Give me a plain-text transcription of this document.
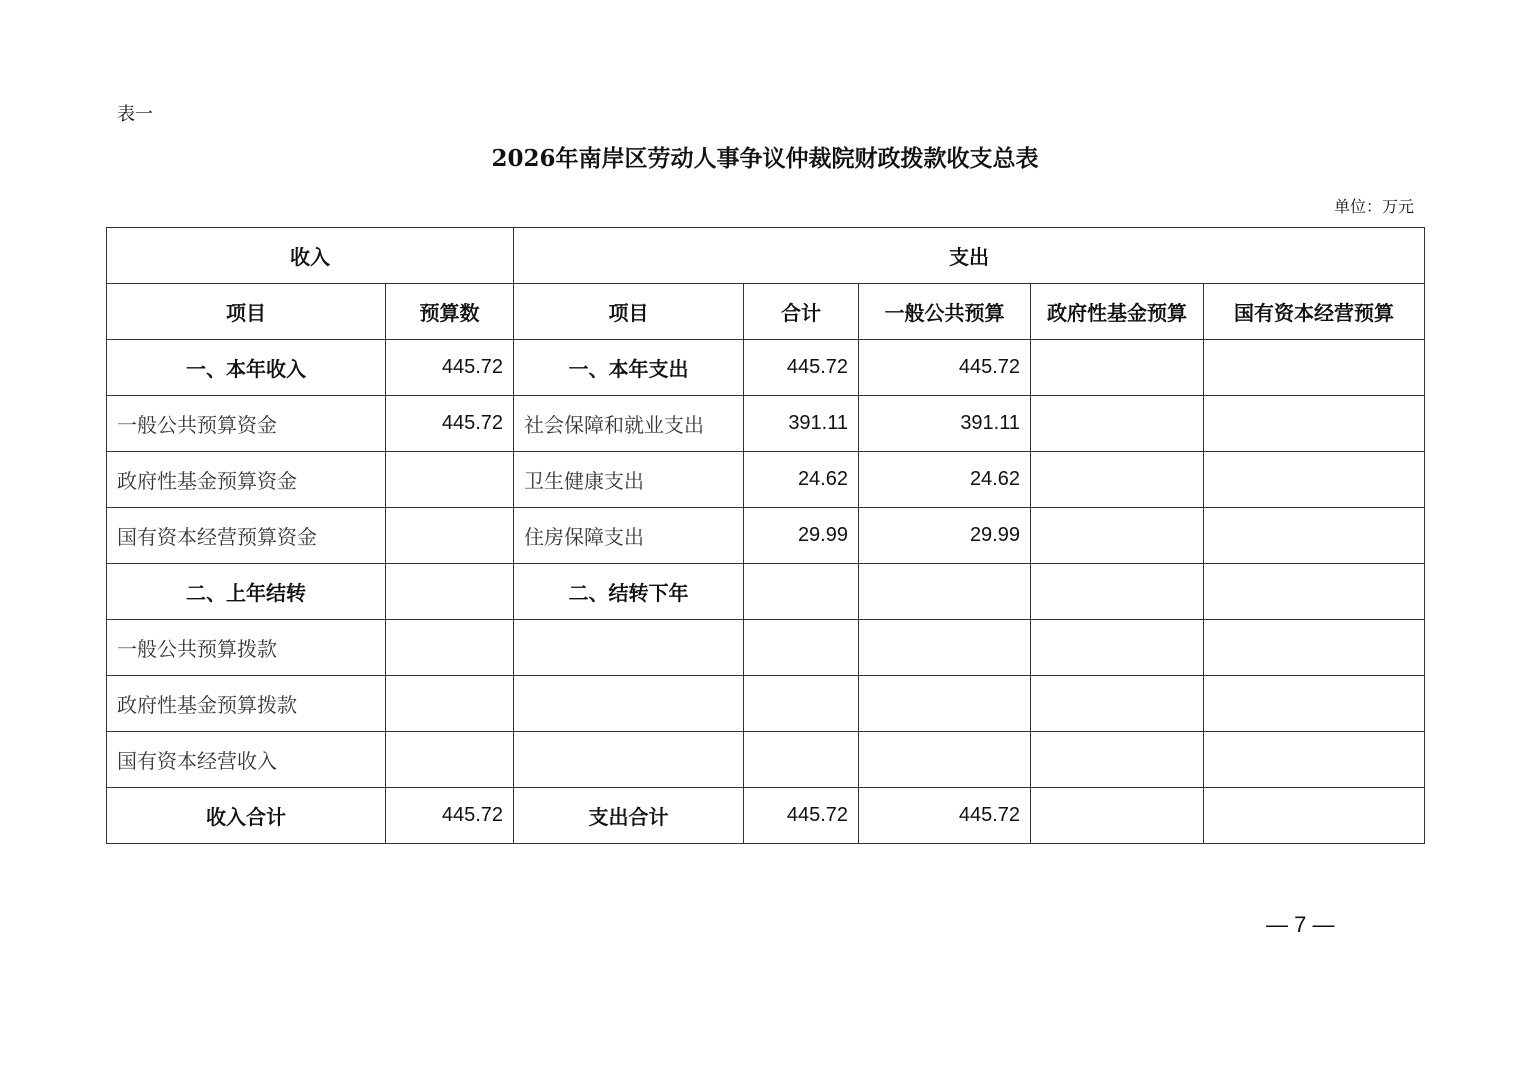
表一
2026年南岸区劳动人事争议仲裁院财政拨款收支总表
单位：万元
收入		支出				
项目	预算数	项目	合计	一般公共预算	政府性基金预算	国有资本经营预算
一、本年收入	445.72	一、本年支出	445.72	445.72		
一般公共预算资金	445.72	社会保障和就业支出	391.11	391.11		
政府性基金预算资金		卫生健康支出	24.62	24.62		
国有资本经营预算资金		住房保障支出	29.99	29.99		
二、上年结转		二、结转下年				
一般公共预算拨款						
政府性基金预算拨款						
国有资本经营收入						
收入合计	445.72	支出合计	445.72	445.72		
— 7 —
